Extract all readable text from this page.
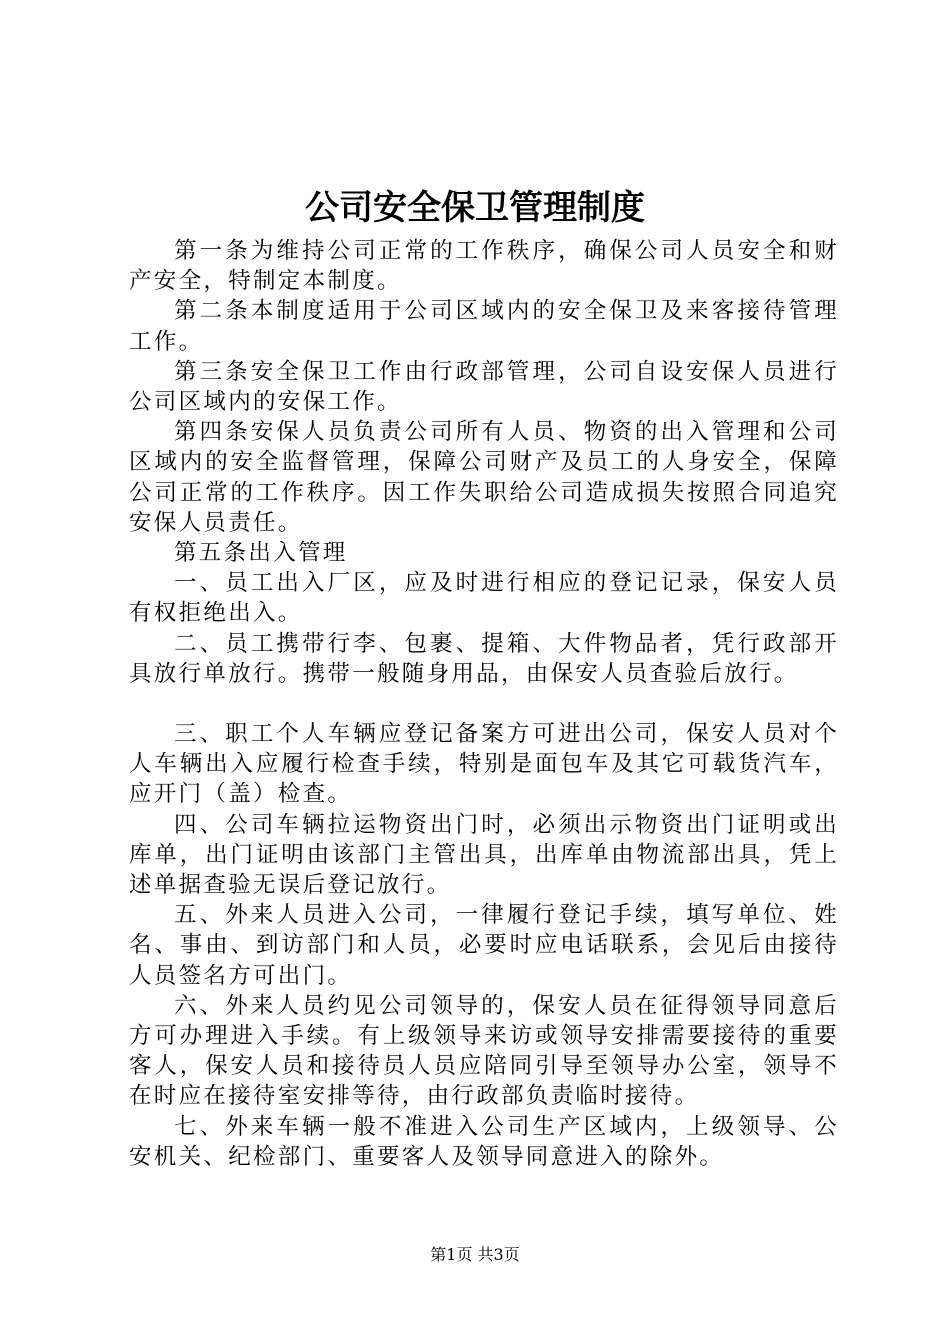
公司安全保卫管理制度

第一条为维持公司正常的工作秩序，确保公司人员安全和财产安全，特制定本制度。

第二条本制度适用于公司区域内的安全保卫及来客接待管理工作。

第三条安全保卫工作由行政部管理，公司自设安保人员进行公司区域内的安保工作。

第四条安保人员负责公司所有人员、物资的出入管理和公司区域内的安全监督管理，保障公司财产及员工的人身安全，保障公司正常的工作秩序。因工作失职给公司造成损失按照合同追究安保人员责任。

第五条出入管理

一、员工出入厂区，应及时进行相应的登记记录，保安人员有权拒绝出入。

二、员工携带行李、包裹、提箱、大件物品者，凭行政部开具放行单放行。携带一般随身用品，由保安人员查验后放行。

三、职工个人车辆应登记备案方可进出公司，保安人员对个人车辆出入应履行检查手续，特别是面包车及其它可载货汽车，应开门（盖）检查。

四、公司车辆拉运物资出门时，必须出示物资出门证明或出库单，出门证明由该部门主管出具，出库单由物流部出具，凭上述单据查验无误后登记放行。

五、外来人员进入公司，一律履行登记手续，填写单位、姓名、事由、到访部门和人员，必要时应电话联系，会见后由接待人员签名方可出门。

六、外来人员约见公司领导的，保安人员在征得领导同意后方可办理进入手续。有上级领导来访或领导安排需要接待的重要客人，保安人员和接待员人员应陪同引导至领导办公室，领导不在时应在接待室安排等待，由行政部负责临时接待。

七、外来车辆一般不准进入公司生产区域内，上级领导、公安机关、纪检部门、重要客人及领导同意进入的除外。

第1页 共3页
